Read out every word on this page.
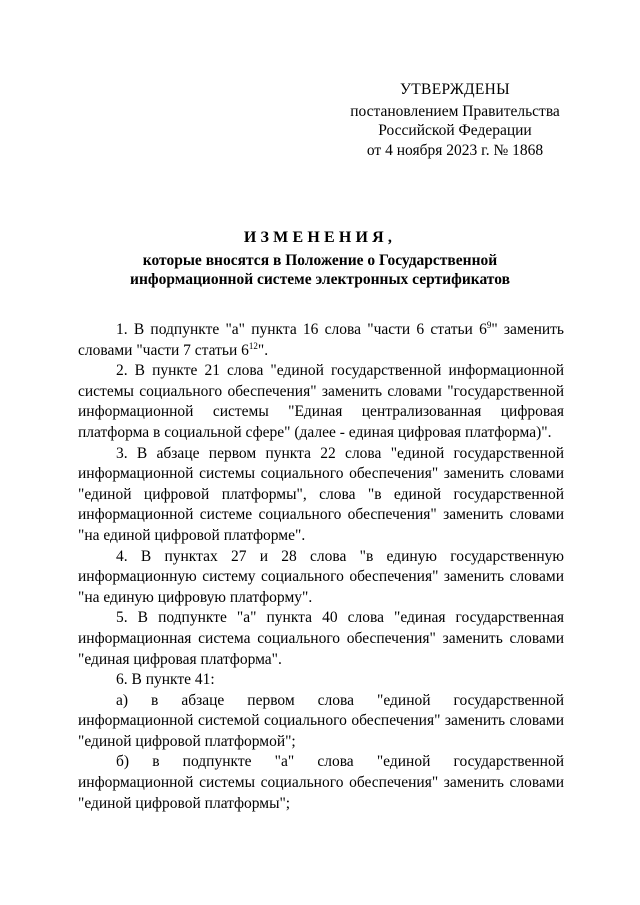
УТВЕРЖДЕНЫ
постановлением Правительства
Российской Федерации
от 4 ноября 2023 г. № 1868
ИЗМЕНЕНИЯ,
которые вносятся в Положение о Государственной
информационной системе электронных сертификатов

1. В подпункте "а" пункта 16 слова "части 6 статьи $6^9$" заменить словами "части 7 статьи $6^{12}$".

2. В пункте 21 слова "единой государственной информационной системы социального обеспечения" заменить словами "государственной информационной системы "Единая централизованная цифровая платформа в социальной сфере" (далее - единая цифровая платформа)".

3. В абзаце первом пункта 22 слова "единой государственной информационной системы социального обеспечения" заменить словами "единой цифровой платформы", слова "в единой государственной информационной системе социального обеспечения" заменить словами "на единой цифровой платформе".

4. В пунктах 27 и 28 слова "в единую государственную информационную систему социального обеспечения" заменить словами "на единую цифровую платформу".

5. В подпункте "а" пункта 40 слова "единая государственная информационная система социального обеспечения" заменить словами "единая цифровая платформа".

6. В пункте 41:

а) в абзаце первом слова "единой государственной информационной системой социального обеспечения" заменить словами "единой цифровой платформой";

б) в подпункте "а" слова "единой государственной информационной системы социального обеспечения" заменить словами "единой цифровой платформы";
